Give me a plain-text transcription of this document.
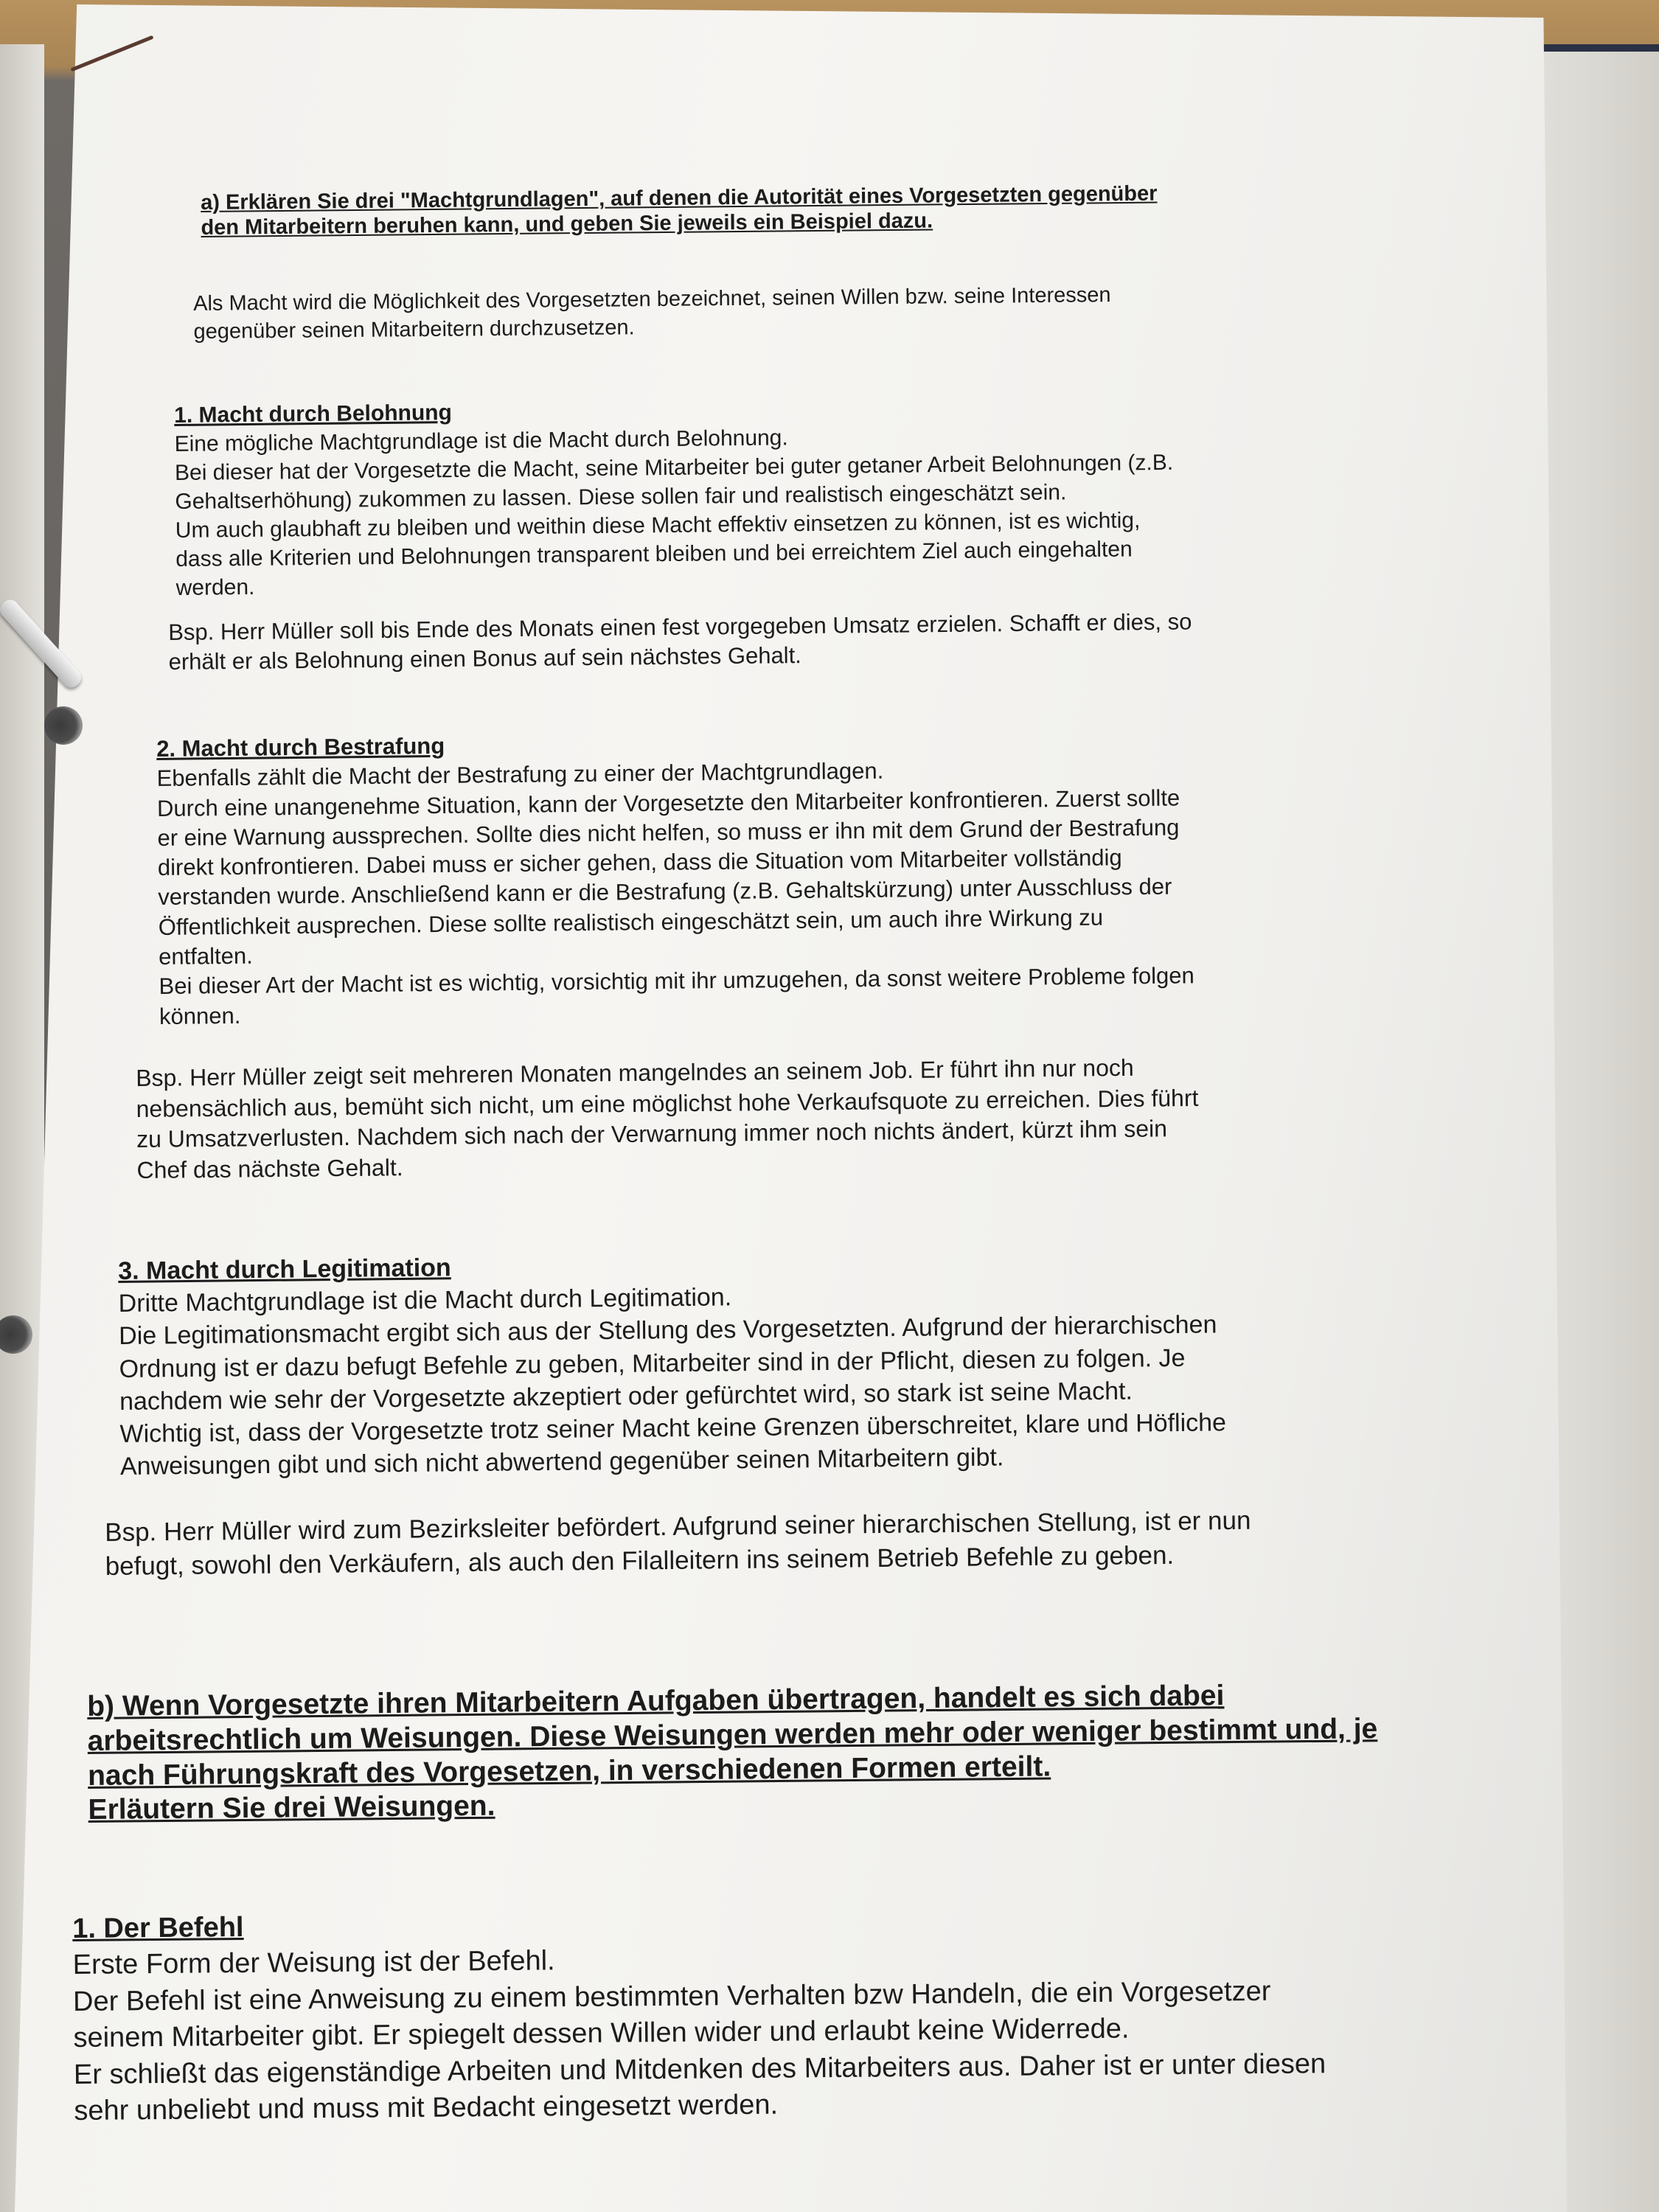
a) Erklären Sie drei "Machtgrundlagen", auf denen die Autorität eines Vorgesetzten gegenüber
den Mitarbeitern beruhen kann, und geben Sie jeweils ein Beispiel dazu.
Als Macht wird die Möglichkeit des Vorgesetzten bezeichnet, seinen Willen bzw. seine Interessen
gegenüber seinen Mitarbeitern durchzusetzen.
1. Macht durch Belohnung
Eine mögliche Machtgrundlage ist die Macht durch Belohnung.
Bei dieser hat der Vorgesetzte die Macht, seine Mitarbeiter bei guter getaner Arbeit Belohnungen (z.B.
Gehaltserhöhung) zukommen zu lassen. Diese sollen fair und realistisch eingeschätzt sein.
Um auch glaubhaft zu bleiben und weithin diese Macht effektiv einsetzen zu können, ist es wichtig,
dass alle Kriterien und Belohnungen transparent bleiben und bei erreichtem Ziel auch eingehalten
werden.
Bsp. Herr Müller soll bis Ende des Monats einen fest vorgegeben Umsatz erzielen. Schafft er dies, so
erhält er als Belohnung einen Bonus auf sein nächstes Gehalt.
2. Macht durch Bestrafung
Ebenfalls zählt die Macht der Bestrafung zu einer der Machtgrundlagen.
Durch eine unangenehme Situation, kann der Vorgesetzte den Mitarbeiter konfrontieren. Zuerst sollte
er eine Warnung aussprechen. Sollte dies nicht helfen, so muss er ihn mit dem Grund der Bestrafung
direkt konfrontieren. Dabei muss er sicher gehen, dass die Situation vom Mitarbeiter vollständig
verstanden wurde. Anschließend kann er die Bestrafung (z.B. Gehaltskürzung) unter Ausschluss der
Öffentlichkeit ausprechen. Diese sollte realistisch eingeschätzt sein, um auch ihre Wirkung zu
entfalten.
Bei dieser Art der Macht ist es wichtig, vorsichtig mit ihr umzugehen, da sonst weitere Probleme folgen
können.
Bsp. Herr Müller zeigt seit mehreren Monaten mangelndes an seinem Job. Er führt ihn nur noch
nebensächlich aus, bemüht sich nicht, um eine möglichst hohe Verkaufsquote zu erreichen. Dies führt
zu Umsatzverlusten. Nachdem sich nach der Verwarnung immer noch nichts ändert, kürzt ihm sein
Chef das nächste Gehalt.
3. Macht durch Legitimation
Dritte Machtgrundlage ist die Macht durch Legitimation.
Die Legitimationsmacht ergibt sich aus der Stellung des Vorgesetzten. Aufgrund der hierarchischen
Ordnung ist er dazu befugt Befehle zu geben, Mitarbeiter sind in der Pflicht, diesen zu folgen. Je
nachdem wie sehr der Vorgesetzte akzeptiert oder gefürchtet wird, so stark ist seine Macht.
Wichtig ist, dass der Vorgesetzte trotz seiner Macht keine Grenzen überschreitet, klare und Höfliche
Anweisungen gibt und sich nicht abwertend gegenüber seinen Mitarbeitern gibt.
Bsp. Herr Müller wird zum Bezirksleiter befördert. Aufgrund seiner hierarchischen Stellung, ist er nun
befugt, sowohl den Verkäufern, als auch den Filalleitern ins seinem Betrieb Befehle zu geben.
b) Wenn Vorgesetzte ihren Mitarbeitern Aufgaben übertragen, handelt es sich dabei
arbeitsrechtlich um Weisungen. Diese Weisungen werden mehr oder weniger bestimmt und, je
nach Führungskraft des Vorgesetzen, in verschiedenen Formen erteilt.
Erläutern Sie drei Weisungen.
1. Der Befehl
Erste Form der Weisung ist der Befehl.
Der Befehl ist eine Anweisung zu einem bestimmten Verhalten bzw Handeln, die ein Vorgesetzer
seinem Mitarbeiter gibt. Er spiegelt dessen Willen wider und erlaubt keine Widerrede.
Er schließt das eigenständige Arbeiten und Mitdenken des Mitarbeiters aus. Daher ist er unter diesen
sehr unbeliebt und muss mit Bedacht eingesetzt werden.
